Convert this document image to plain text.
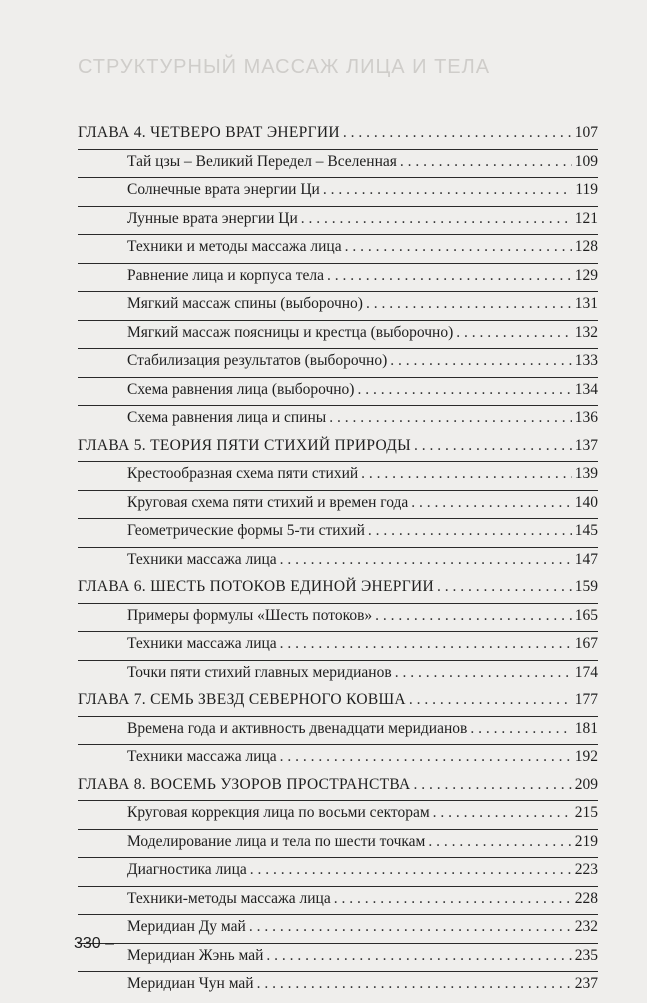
СТРУКТУРНЫЙ МАССАЖ ЛИЦА И ТЕЛА
ГЛАВА 4. ЧЕТВЕРО ВРАТ ЭНЕРГИИ . . .	107
Тай цзы – Великий Передел – Вселенная . . .	109
Солнечные врата энергии Ци . . .	119
Лунные врата энергии Ци . . .	121
Техники и методы массажа лица . . .	128
Равнение лица и корпуса тела . . .	129
Мягкий массаж спины (выборочно) . . .	131
Мягкий массаж поясницы и крестца (выборочно) . . .	132
Стабилизация результатов (выборочно) . . .	133
Схема равнения лица (выборочно) . . .	134
Схема равнения лица и спины . . .	136
ГЛАВА 5. ТЕОРИЯ ПЯТИ СТИХИЙ ПРИРОДЫ . . .	137
Крестообразная схема пяти стихий . . .	139
Круговая схема пяти стихий и времен года . . .	140
Геометрические формы 5-ти стихий . . .	145
Техники массажа лица . . .	147
ГЛАВА 6. ШЕСТЬ ПОТОКОВ ЕДИНОЙ ЭНЕРГИИ . . .	159
Примеры формулы «Шесть потоков» . . .	165
Техники массажа лица . . .	167
Точки пяти стихий главных меридианов . . .	174
ГЛАВА 7. СЕМЬ ЗВЕЗД СЕВЕРНОГО КОВША . . .	177
Времена года и активность двенадцати меридианов . . .	181
Техники массажа лица . . .	192
ГЛАВА 8. ВОСЕМЬ УЗОРОВ ПРОСТРАНСТВА . . .	209
Круговая коррекция лица по восьми секторам . . .	215
Моделирование лица и тела по шести точкам . . .	219
Диагностика лица . . .	223
Техники-методы массажа лица . . .	228
Меридиан Ду май . . .	232
Меридиан Жэнь май . . .	235
Меридиан Чун май . . .	237
330 –
